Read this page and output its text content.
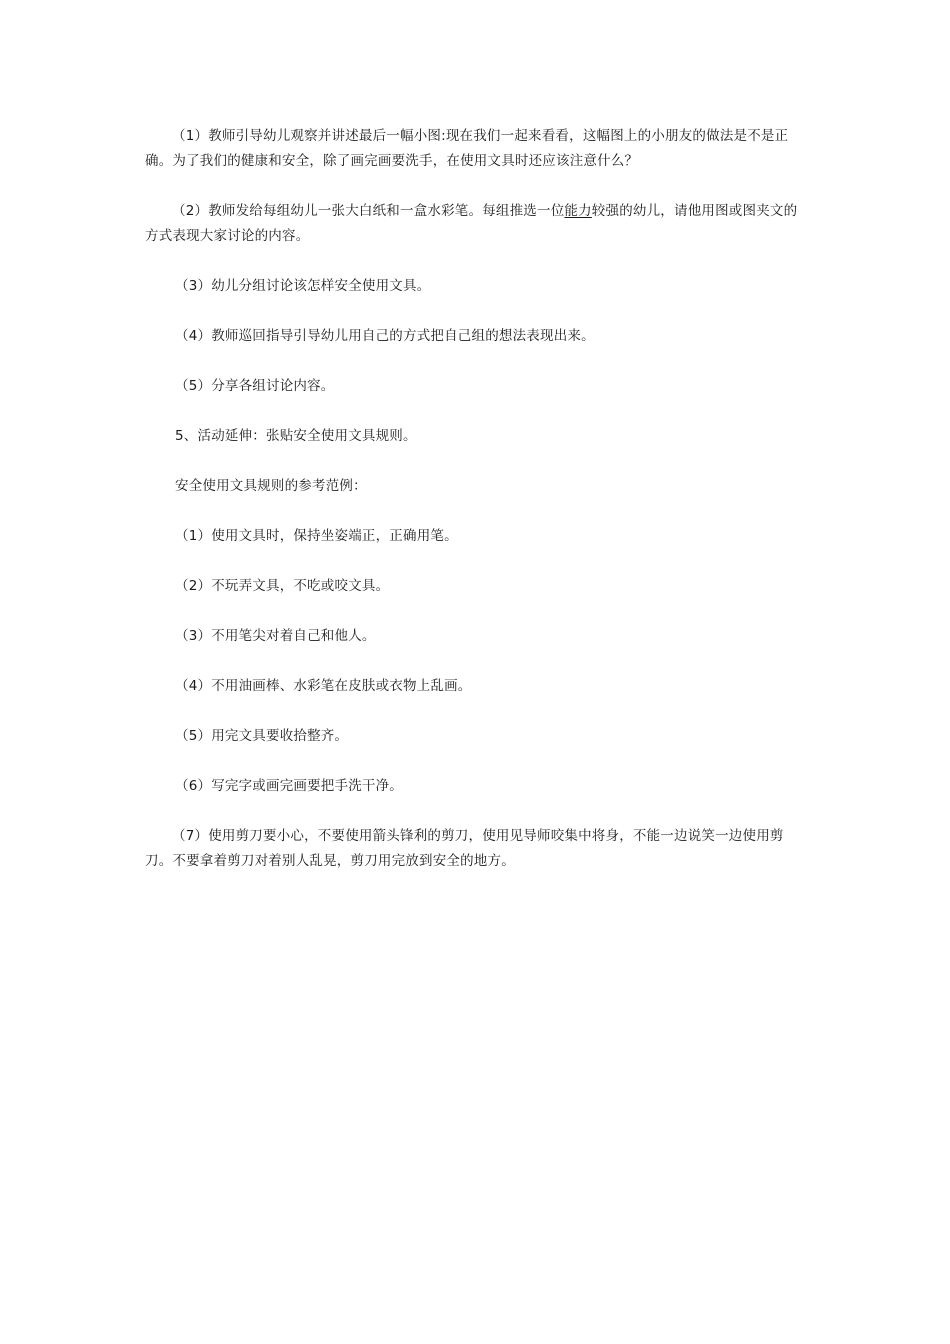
（1）教师引导幼儿观察并讲述最后一幅小图:现在我们一起来看看，这幅图上的小朋友的做法是不是正确。为了我们的健康和安全，除了画完画要洗手，在使用文具时还应该注意什么？

（2）教师发给每组幼儿一张大白纸和一盒水彩笔。每组推选一位能力较强的幼儿，请他用图或图夹文的方式表现大家讨论的内容。

（3）幼儿分组讨论该怎样安全使用文具。

（4）教师巡回指导引导幼儿用自己的方式把自己组的想法表现出来。

（5）分享各组讨论内容。

5、活动延伸：张贴安全使用文具规则。

安全使用文具规则的参考范例：

（1）使用文具时，保持坐姿端正，正确用笔。

（2）不玩弄文具，不吃或咬文具。

（3）不用笔尖对着自己和他人。

（4）不用油画棒、水彩笔在皮肤或衣物上乱画。

（5）用完文具要收拾整齐。

（6）写完字或画完画要把手洗干净。

（7）使用剪刀要小心，不要使用箭头锋利的剪刀，使用见导师咬集中将身，不能一边说笑一边使用剪刀。不要拿着剪刀对着别人乱晃，剪刀用完放到安全的地方。
